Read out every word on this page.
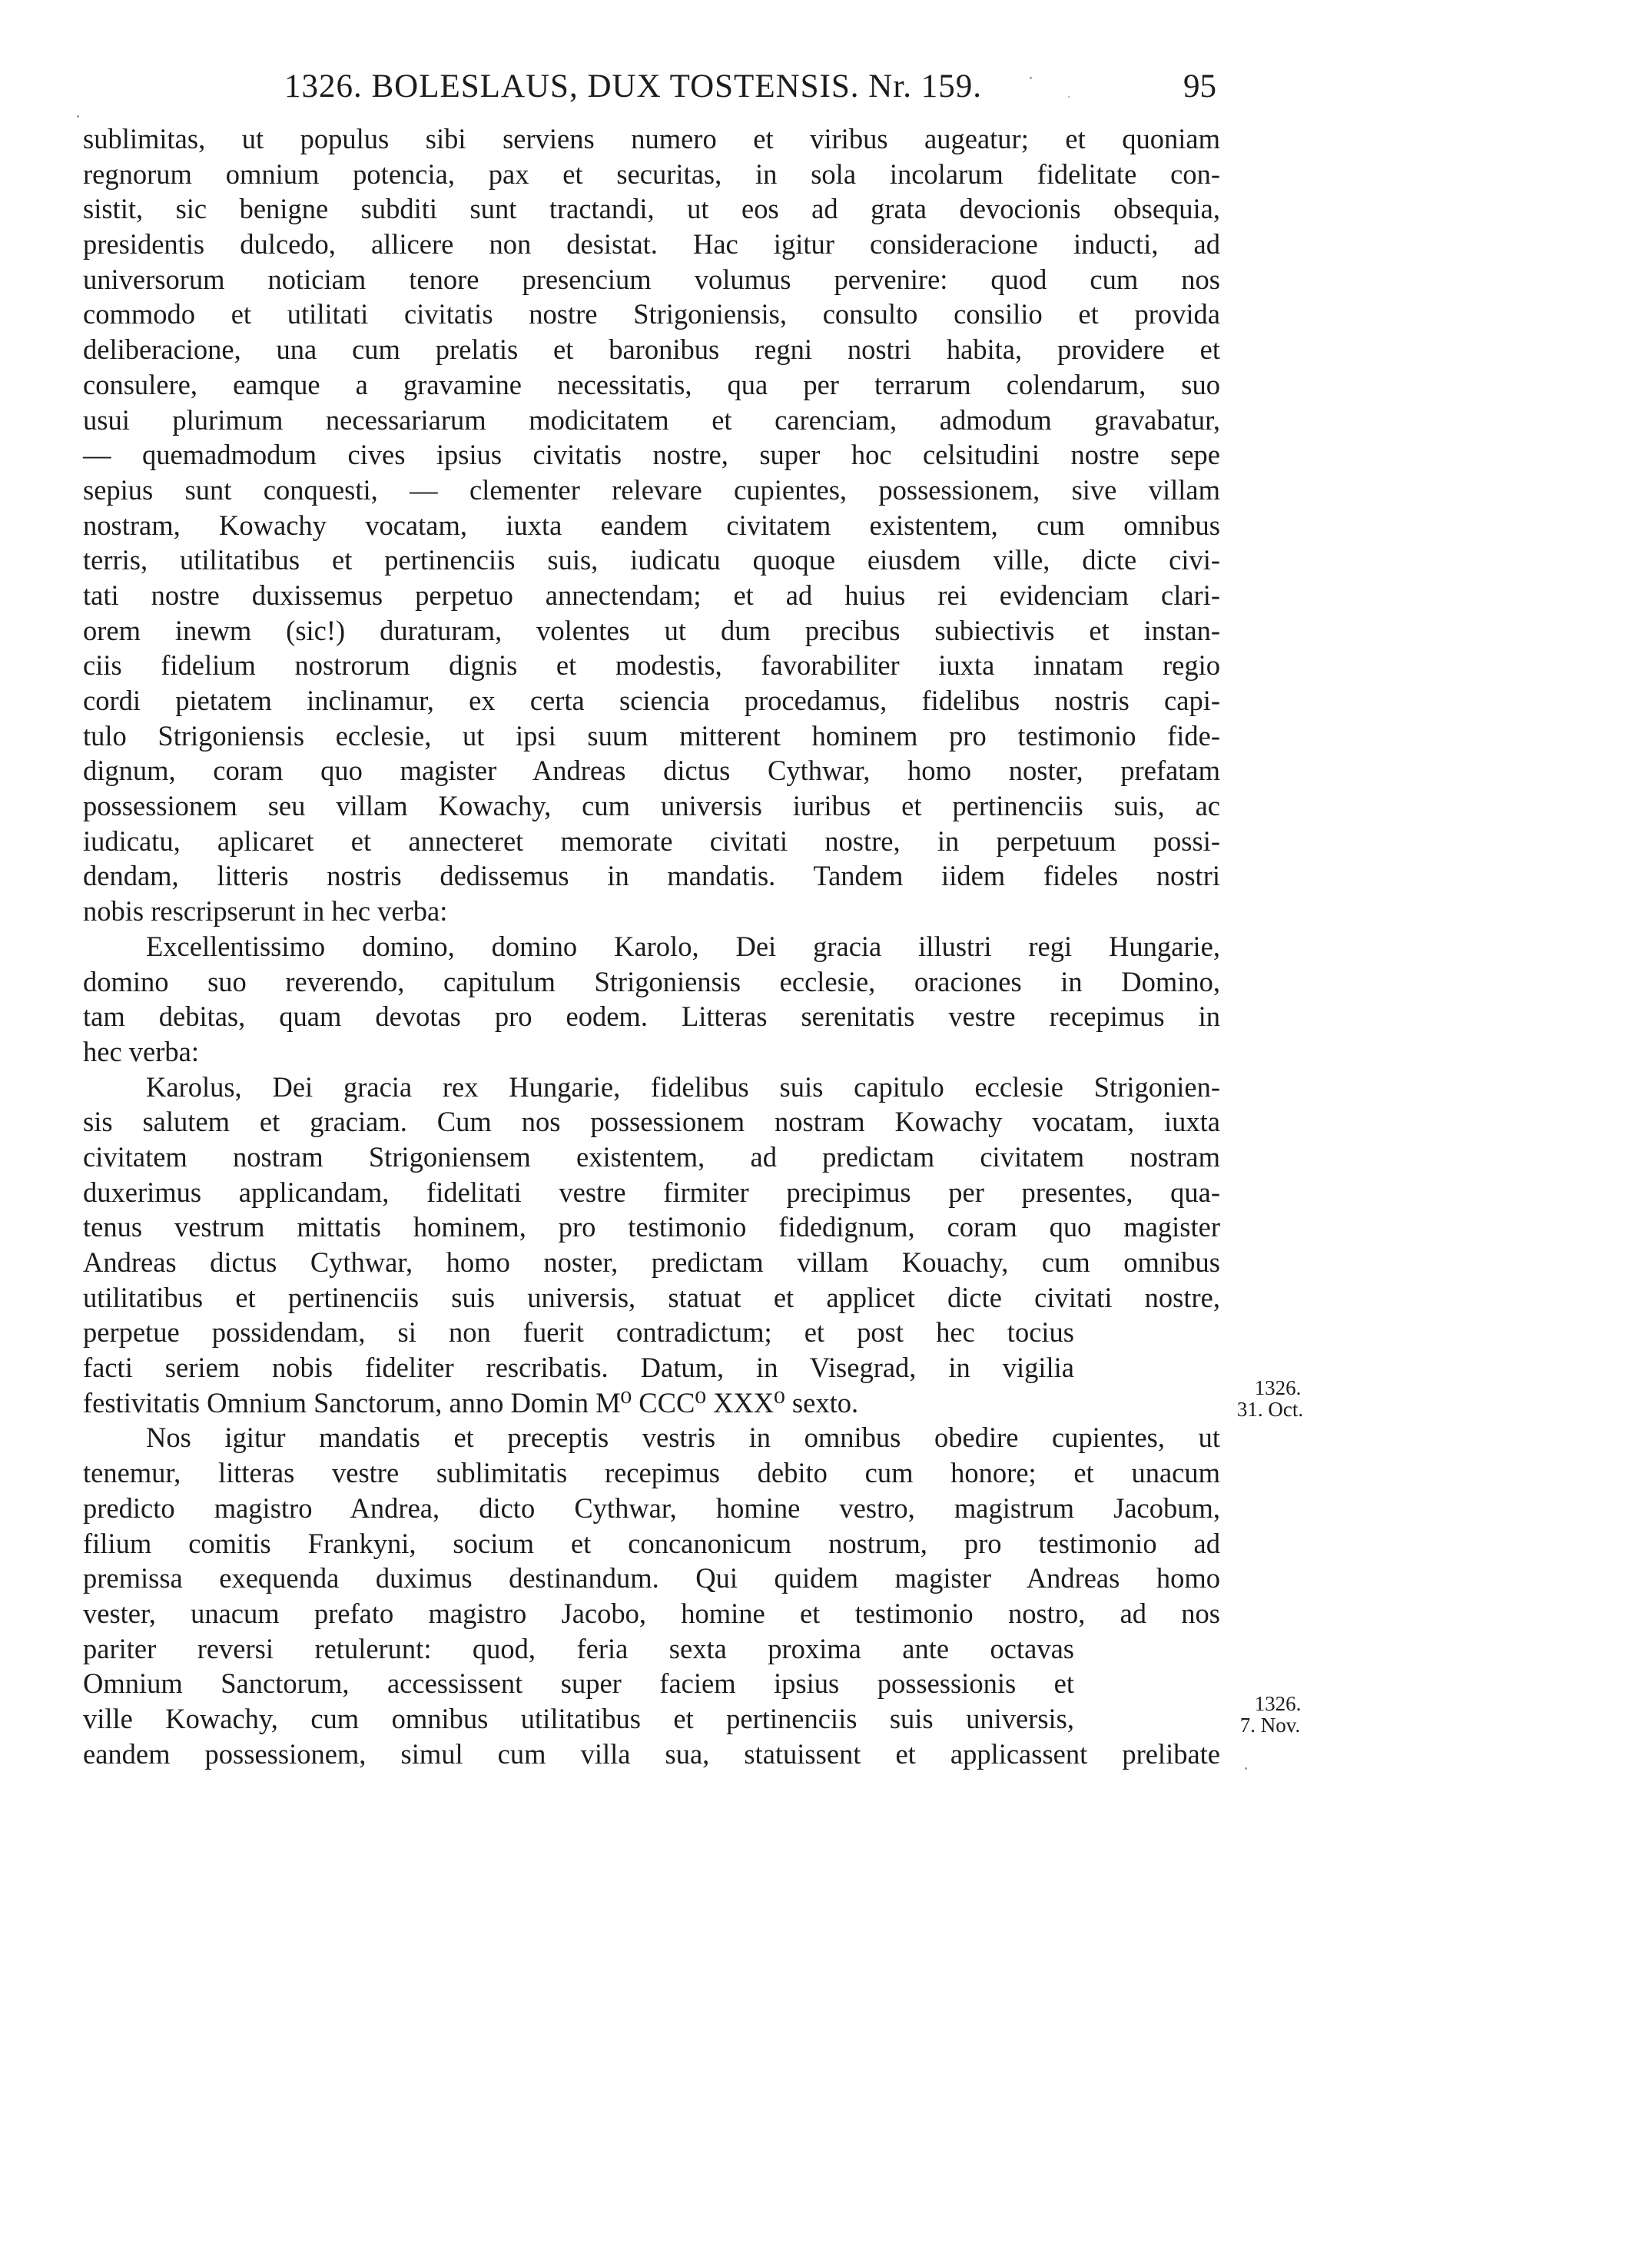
1326. BOLESLAUS, DUX TOSTENSIS. Nr. 159.	95
sublimitas, ut populus sibi serviens numero et viribus augeatur; et quoniam
regnorum omnium potencia, pax et securitas, in sola incolarum fidelitate con-
sistit, sic benigne subditi sunt tractandi, ut eos ad grata devocionis obsequia,
presidentis dulcedo, allicere non desistat. Hac igitur consideracione inducti, ad
universorum noticiam tenore presencium volumus pervenire: quod cum nos
commodo et utilitati civitatis nostre Strigoniensis, consulto consilio et provida
deliberacione, una cum prelatis et baronibus regni nostri habita, providere et
consulere, eamque a gravamine necessitatis, qua per terrarum colendarum, suo
usui plurimum necessariarum modicitatem et carenciam, admodum gravabatur,
— quemadmodum cives ipsius civitatis nostre, super hoc celsitudini nostre sepe
sepius sunt conquesti, — clementer relevare cupientes, possessionem, sive villam
nostram, Kowachy vocatam, iuxta eandem civitatem existentem, cum omnibus
terris, utilitatibus et pertinenciis suis, iudicatu quoque eiusdem ville, dicte civi-
tati nostre duxissemus perpetuo annectendam; et ad huius rei evidenciam clari-
orem inewm (sic!) duraturam, volentes ut dum precibus subiectivis et instan-
ciis fidelium nostrorum dignis et modestis, favorabiliter iuxta innatam regio
cordi pietatem inclinamur, ex certa sciencia procedamus, fidelibus nostris capi-
tulo Strigoniensis ecclesie, ut ipsi suum mitterent hominem pro testimonio fide-
dignum, coram quo magister Andreas dictus Cythwar, homo noster, prefatam
possessionem seu villam Kowachy, cum universis iuribus et pertinenciis suis, ac
iudicatu, aplicaret et annecteret memorate civitati nostre, in perpetuum possi-
dendam, litteris nostris dedissemus in mandatis. Tandem iidem fideles nostri
nobis rescripserunt in hec verba:
Excellentissimo domino, domino Karolo, Dei gracia illustri regi Hungarie,
domino suo reverendo, capitulum Strigoniensis ecclesie, oraciones in Domino,
tam debitas, quam devotas pro eodem. Litteras serenitatis vestre recepimus in
hec verba:
Karolus, Dei gracia rex Hungarie, fidelibus suis capitulo ecclesie Strigonien-
sis salutem et graciam. Cum nos possessionem nostram Kowachy vocatam, iuxta
civitatem nostram Strigoniensem existentem, ad predictam civitatem nostram
duxerimus applicandam, fidelitati vestre firmiter precipimus per presentes, qua-
tenus vestrum mittatis hominem, pro testimonio fidedignum, coram quo magister
Andreas dictus Cythwar, homo noster, predictam villam Kouachy, cum omnibus
utilitatibus et pertinenciis suis universis, statuat et applicet dicte civitati nostre,
perpetue possidendam, si non fuerit contradictum; et post hec tocius
facti seriem nobis fideliter rescribatis. Datum, in Visegrad, in vigilia
festivitatis Omnium Sanctorum, anno Domin M⁰ CCC⁰ XXX⁰ sexto.
Nos igitur mandatis et preceptis vestris in omnibus obedire cupientes, ut
tenemur, litteras vestre sublimitatis recepimus debito cum honore; et unacum
predicto magistro Andrea, dicto Cythwar, homine vestro, magistrum Jacobum,
filium comitis Frankyni, socium et concanonicum nostrum, pro testimonio ad
premissa exequenda duximus destinandum. Qui quidem magister Andreas homo
vester, unacum prefato magistro Jacobo, homine et testimonio nostro, ad nos
pariter reversi retulerunt: quod, feria sexta proxima ante octavas
Omnium Sanctorum, accessissent super faciem ipsius possessionis et
ville Kowachy, cum omnibus utilitatibus et pertinenciis suis universis,
eandem possessionem, simul cum villa sua, statuissent et applicassent prelibate
1326.
31. Oct.
1326.
7. Nov.
